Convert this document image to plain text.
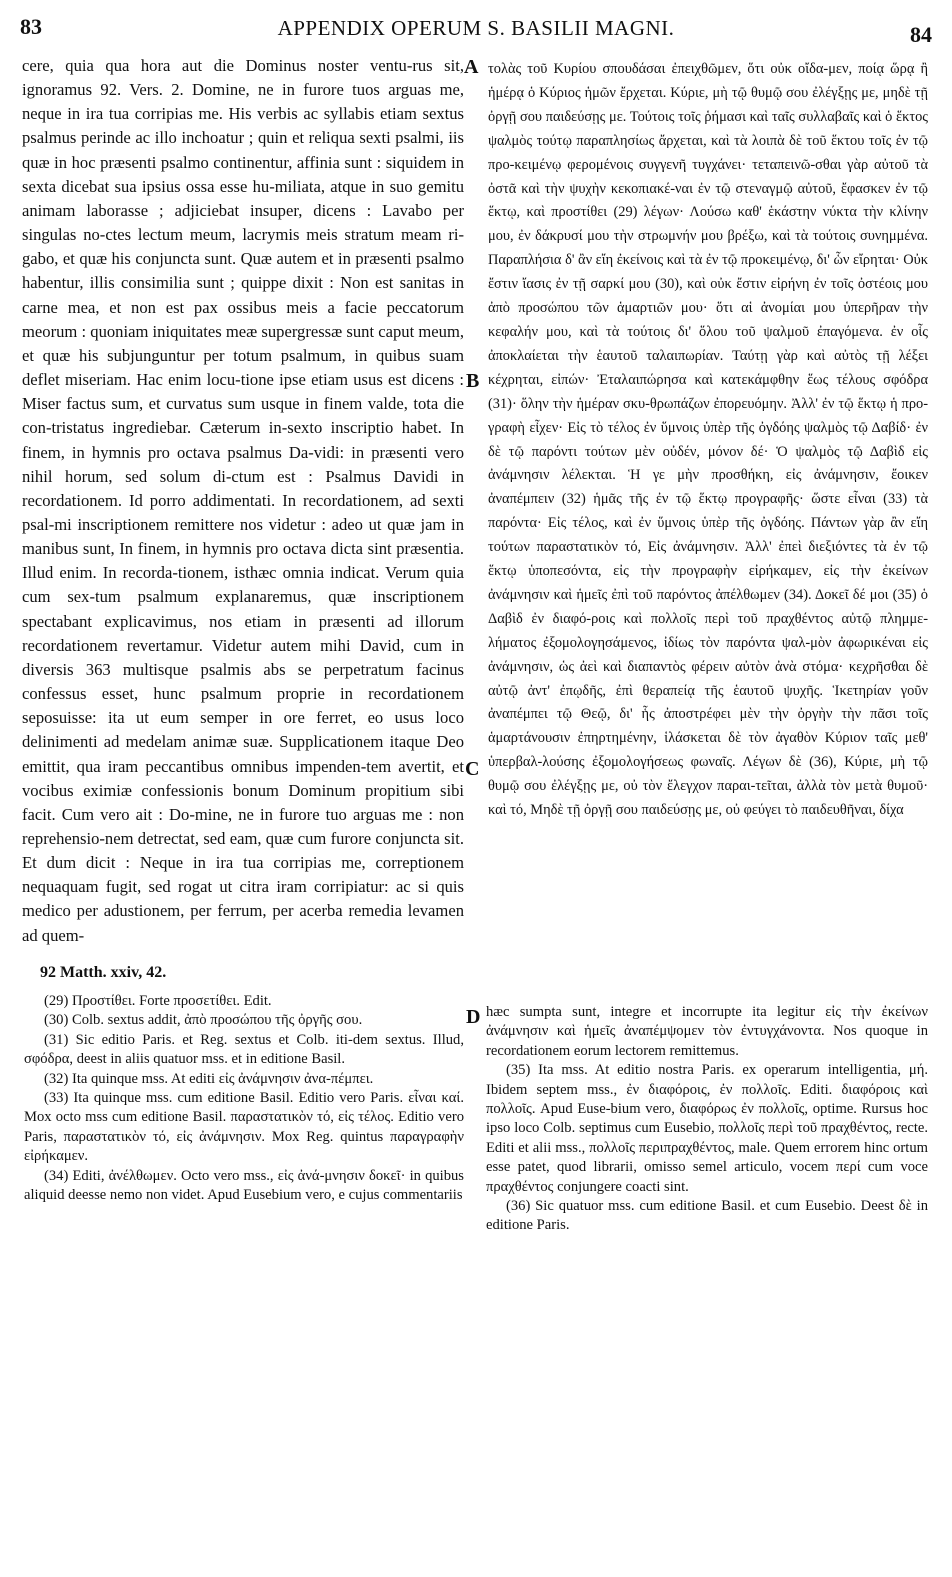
83	APPENDIX OPERUM S. BASILII MAGNI.	84

cere, quia qua hora aut die Dominus noster ventu-rus sit, ignoramus 92. Vers. 2. Domine, ne in furore tuos arguas me, neque in ira tua corripias me. His verbis ac syllabis etiam sextus psalmus perinde ac illo inchoatur ; quin et reliqua sexti psalmi, iis quæ in hoc præsenti psalmo continentur, affinia sunt : siquidem in sexta dicebat sua ipsius ossa esse hu-miliata, atque in suo gemitu animam laborasse ; adjiciebat insuper, dicens : Lavabo per singulas no-ctes lectum meum, lacrymis meis stratum meam ri-gabo, et quæ his conjuncta sunt. Quæ autem et in præsenti psalmo habentur, illis consimilia sunt ; quippe dixit : Non est sanitas in carne mea, et non est pax ossibus meis a facie peccatorum meorum : quoniam iniquitates meæ supergressæ sunt caput meum, et quæ his subjunguntur per totum psalmum, in quibus suam deflet miseriam. Hac enim locu-tione ipse etiam usus est dicens : Miser factus sum, et curvatus sum usque in finem valde, tota die con-tristatus ingrediebar. Cæterum in-sexto inscriptio habet. In finem, in hymnis pro octava psalmus Da-vidi: in præsenti vero nihil horum, sed solum di-ctum est : Psalmus Davidi in recordationem. Id porro addimentati. In recordationem, ad sexti psal-mi inscriptionem remittere nos videtur : adeo ut quæ jam in manibus sunt, In finem, in hymnis pro octava dicta sint præsentia. Illud enim. In recorda-tionem, isthæc omnia indicat. Verum quia cum sex-tum psalmum explanaremus, quæ inscriptionem spectabant explicavimus, nos etiam in præsenti ad illorum recordationem revertamur. Videtur autem mihi David, cum in diversis 363 multisque psalmis abs se perpetratum facinus confessus esset, hunc psalmum proprie in recordationem seposuisse: ita ut eum semper in ore ferret, eo usus loco delinimenti ad medelam animæ suæ. Supplicationem itaque Deo emittit, qua iram peccantibus omnibus impenden-tem avertit, et vocibus eximiæ confessionis bonum Dominum propitium sibi facit. Cum vero ait : Do-mine, ne in furore tuo arguas me : non reprehensio-nem detrectat, sed eam, quæ cum furore conjuncta sit. Et dum dicit : Neque in ira tua corripias me, correptionem nequaquam fugit, sed rogat ut citra iram corripiatur: ac si quis medico per adustionem, per ferrum, per acerba remedia levamen ad quem-

A
B
C

τολὰς τοῦ Κυρίου σπουδάσαι ἐπειχθῶμεν, ὅτι οὐκ οἴδα-μεν, ποίᾳ ὥρᾳ ἢ ἡμέρᾳ ὁ Κύριος ἡμῶν ἔρχεται. Κύριε, μὴ τῷ θυμῷ σου ἐλέγξῃς με, μηδὲ τῇ ὀργῇ σου παιδεύσῃς με. Τούτοις τοῖς ῥήμασι καὶ ταῖς συλλαβαῖς καὶ ὁ ἕκτος ψαλμὸς τούτῳ παραπλησίως ἄρχεται, καὶ τὰ λοιπὰ δὲ τοῦ ἕκτου τοῖς ἐν τῷ προ-κειμένῳ φερομένοις συγγενῆ τυγχάνει· τεταπεινῶ-σθαι γὰρ αὐτοῦ τὰ ὀστᾶ καὶ τὴν ψυχὴν κεκοπιακέ-ναι ἐν τῷ στεναγμῷ αὐτοῦ, ἔφασκεν ἐν τῷ ἕκτῳ, καὶ προστίθει (29) λέγων· Λούσω καθ' ἑκάστην νύκτα τὴν κλίνην μου, ἐν δάκρυσί μου τὴν στρωμνήν μου βρέξω, καὶ τὰ τούτοις συνημμένα. Παραπλήσια δ' ἂν εἴη ἐκείνοις καὶ τὰ ἐν τῷ προκειμένῳ, δι' ὧν εἴρηται· Οὐκ ἔστιν ἴασις ἐν τῇ σαρκί μου (30), καὶ οὐκ ἔστιν εἰρήνη ἐν τοῖς ὀστέοις μου ἀπὸ προσώπου τῶν ἁμαρτιῶν μου· ὅτι αἱ ἀνομίαι μου ὑπερῆραν τὴν κεφαλήν μου, καὶ τὰ τούτοις δι' ὅλου τοῦ ψαλμοῦ ἐπαγόμενα. ἐν οἷς ἀποκλαίεται τὴν ἑαυτοῦ ταλαιπωρίαν. Ταύτῃ γὰρ καὶ αὐτὸς τῇ λέξει κέχρηται, εἰπών· Ἐταλαιπώρησα καὶ κατεκάμφθην ἕως τέλους σφόδρα (31)· ὅλην τὴν ἡμέραν σκυ-θρωπάζων ἐπορευόμην. Ἀλλ' ἐν τῷ ἕκτῳ ἡ προ-γραφὴ εἶχεν· Εἰς τὸ τέλος ἐν ὕμνοις ὑπὲρ τῆς ὀγδόης ψαλμὸς τῷ Δαβίδ· ἐν δὲ τῷ παρόντι τούτων μὲν οὐδέν, μόνον δέ· Ὁ ψαλμὸς τῷ Δαβὶδ εἰς ἀνάμνησιν λέλεκται. Ἡ γε μὴν προσθήκη, εἰς ἀνάμνησιν, ἔοικεν ἀναπέμπειν (32) ἡμᾶς τῆς ἐν τῷ ἕκτῳ προγραφῆς· ὥστε εἶναι (33) τὰ παρόντα· Εἰς τέλος, καὶ ἐν ὕμνοις ὑπὲρ τῆς ὀγδόης. Πάντων γὰρ ἂν εἴη τούτων παραστατικὸν τό, Εἰς ἀνάμνησιν. Ἀλλ' ἐπεὶ διεξιόντες τὰ ἐν τῷ ἕκτῳ ὑποπεσόντα, εἰς τὴν προγραφὴν εἰρήκαμεν, εἰς τὴν ἐκείνων ἀνάμνησιν καὶ ἡμεῖς ἐπὶ τοῦ παρόντος ἀπέλθωμεν (34). Δοκεῖ δέ μοι (35) ὁ Δαβὶδ ἐν διαφό-ροις καὶ πολλοῖς περὶ τοῦ πραχθέντος αὐτῷ πλημμε-λήματος ἐξομολογησάμενος, ἰδίως τὸν παρόντα ψαλ-μὸν ἀφωρικέναι εἰς ἀνάμνησιν, ὡς ἀεὶ καὶ διαπαντὸς φέρειν αὐτὸν ἀνὰ στόμα· κεχρῆσθαι δὲ αὐτῷ ἀντ' ἐπῳδῆς, ἐπὶ θεραπείᾳ τῆς ἑαυτοῦ ψυχῆς. Ἱκετηρίαν γοῦν ἀναπέμπει τῷ Θεῷ, δι' ἧς ἀποστρέφει μὲν τὴν ὀργὴν τὴν πᾶσι τοῖς ἁμαρτάνουσιν ἐπηρτημένην, ἱλάσκεται δὲ τὸν ἀγαθὸν Κύριον ταῖς μεθ' ὑπερβαλ-λούσης ἐξομολογήσεως φωναῖς. Λέγων δὲ (36), Κύριε, μὴ τῷ θυμῷ σου ἐλέγξῃς με, οὐ τὸν ἔλεγχον παραι-τεῖται, ἀλλὰ τὸν μετὰ θυμοῦ· καὶ τό, Μηδὲ τῇ ὀργῇ σου παιδεύσῃς με, οὐ φεύγει τὸ παιδευθῆναι, δίχα

92 Matth. xxiv, 42.

(29) Προστίθει. Forte προσετίθει. Edit.

(30) Colb. sextus addit, ἀπὸ προσώπου τῆς ὀργῆς σου.

(31) Sic editio Paris. et Reg. sextus et Colb. iti-dem sextus. Illud, σφόδρα, deest in aliis quatuor mss. et in editione Basil.

(32) Ita quinque mss. At editi εἰς ἀνάμνησιν ἀνα-πέμπει.

(33) Ita quinque mss. cum editione Basil. Editio vero Paris. εἶναι καί. Mox octo mss cum editione Basil. παραστατικὸν τό, εἰς τέλος. Editio vero Paris, παραστατικὸν τό, εἰς ἀνάμνησιν. Mox Reg. quintus παραγραφὴν εἰρήκαμεν.

(34) Editi, ἀνέλθωμεν. Octo vero mss., εἰς ἀνά-μνησιν δοκεῖ· in quibus aliquid deesse nemo non videt. Apud Eusebium vero, e cujus commentariis

D hæc sumpta sunt, integre et incorrupte ita legitur εἰς τὴν ἐκείνων ἀνάμνησιν καὶ ἡμεῖς ἀναπέμψομεν τὸν ἐντυγχάνοντα. Nos quoque in recordationem eorum lectorem remittemus.

(35) Ita mss. At editio nostra Paris. ex operarum intelligentia, μή. Ibidem septem mss., ἐν διαφόροις, ἐν πολλοῖς. Editi. διαφόροις καὶ πολλοῖς. Apud Euse-bium vero, διαφόρως ἐν πολλοῖς, optime. Rursus hoc ipso loco Colb. septimus cum Eusebio, πολλοῖς περὶ τοῦ πραχθέντος, recte. Editi et alii mss., πολλοῖς περιπραχθέντος, male. Quem errorem hinc ortum esse patet, quod librarii, omisso semel articulo, vocem περί cum voce πραχθέντος conjungere coacti sint.

(36) Sic quatuor mss. cum editione Basil. et cum Eusebio. Deest δὲ in editione Paris.
